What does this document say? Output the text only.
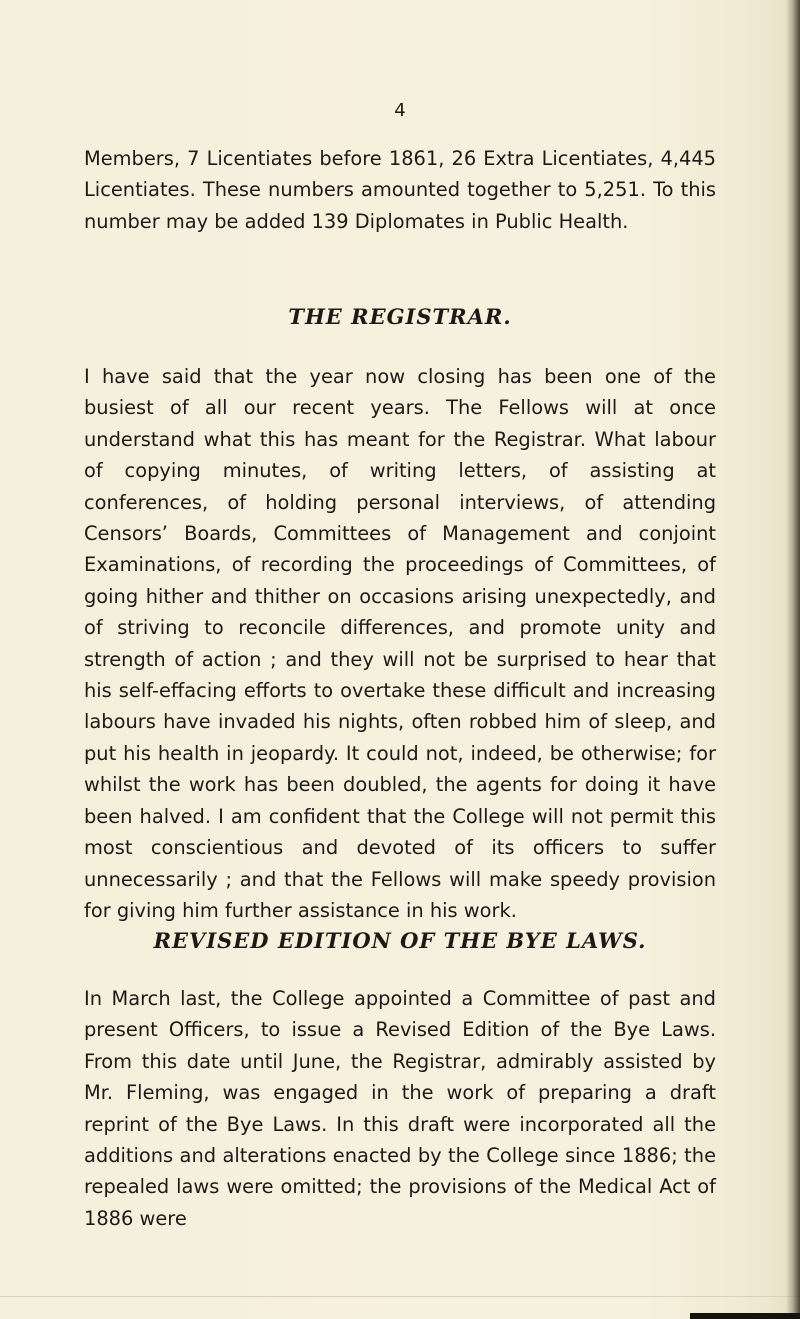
4

Members, 7 Licentiates before 1861, 26 Extra Licentiates, 4,445 Licentiates. These numbers amounted together to 5,251. To this number may be added 139 Diplomates in Public Health.

THE REGISTRAR.

I have said that the year now closing has been one of the busiest of all our recent years. The Fellows will at once understand what this has meant for the Registrar. What labour of copying minutes, of writing letters, of assisting at conferences, of holding personal interviews, of attending Censors’ Boards, Committees of Management and conjoint Examinations, of recording the proceedings of Committees, of going hither and thither on occasions arising unexpectedly, and of striving to reconcile differences, and promote unity and strength of action ; and they will not be surprised to hear that his self-effacing efforts to overtake these difficult and increasing labours have invaded his nights, often robbed him of sleep, and put his health in jeopardy. It could not, indeed, be otherwise; for whilst the work has been doubled, the agents for doing it have been halved. I am confident that the College will not permit this most conscientious and devoted of its officers to suffer unnecessarily ; and that the Fellows will make speedy provision for giving him further assistance in his work.

REVISED EDITION OF THE BYE LAWS.

In March last, the College appointed a Committee of past and present Officers, to issue a Revised Edition of the Bye Laws. From this date until June, the Registrar, admirably assisted by Mr. Fleming, was engaged in the work of preparing a draft reprint of the Bye Laws. In this draft were incorporated all the additions and alterations enacted by the College since 1886; the repealed laws were omitted; the provisions of the Medical Act of 1886 were
